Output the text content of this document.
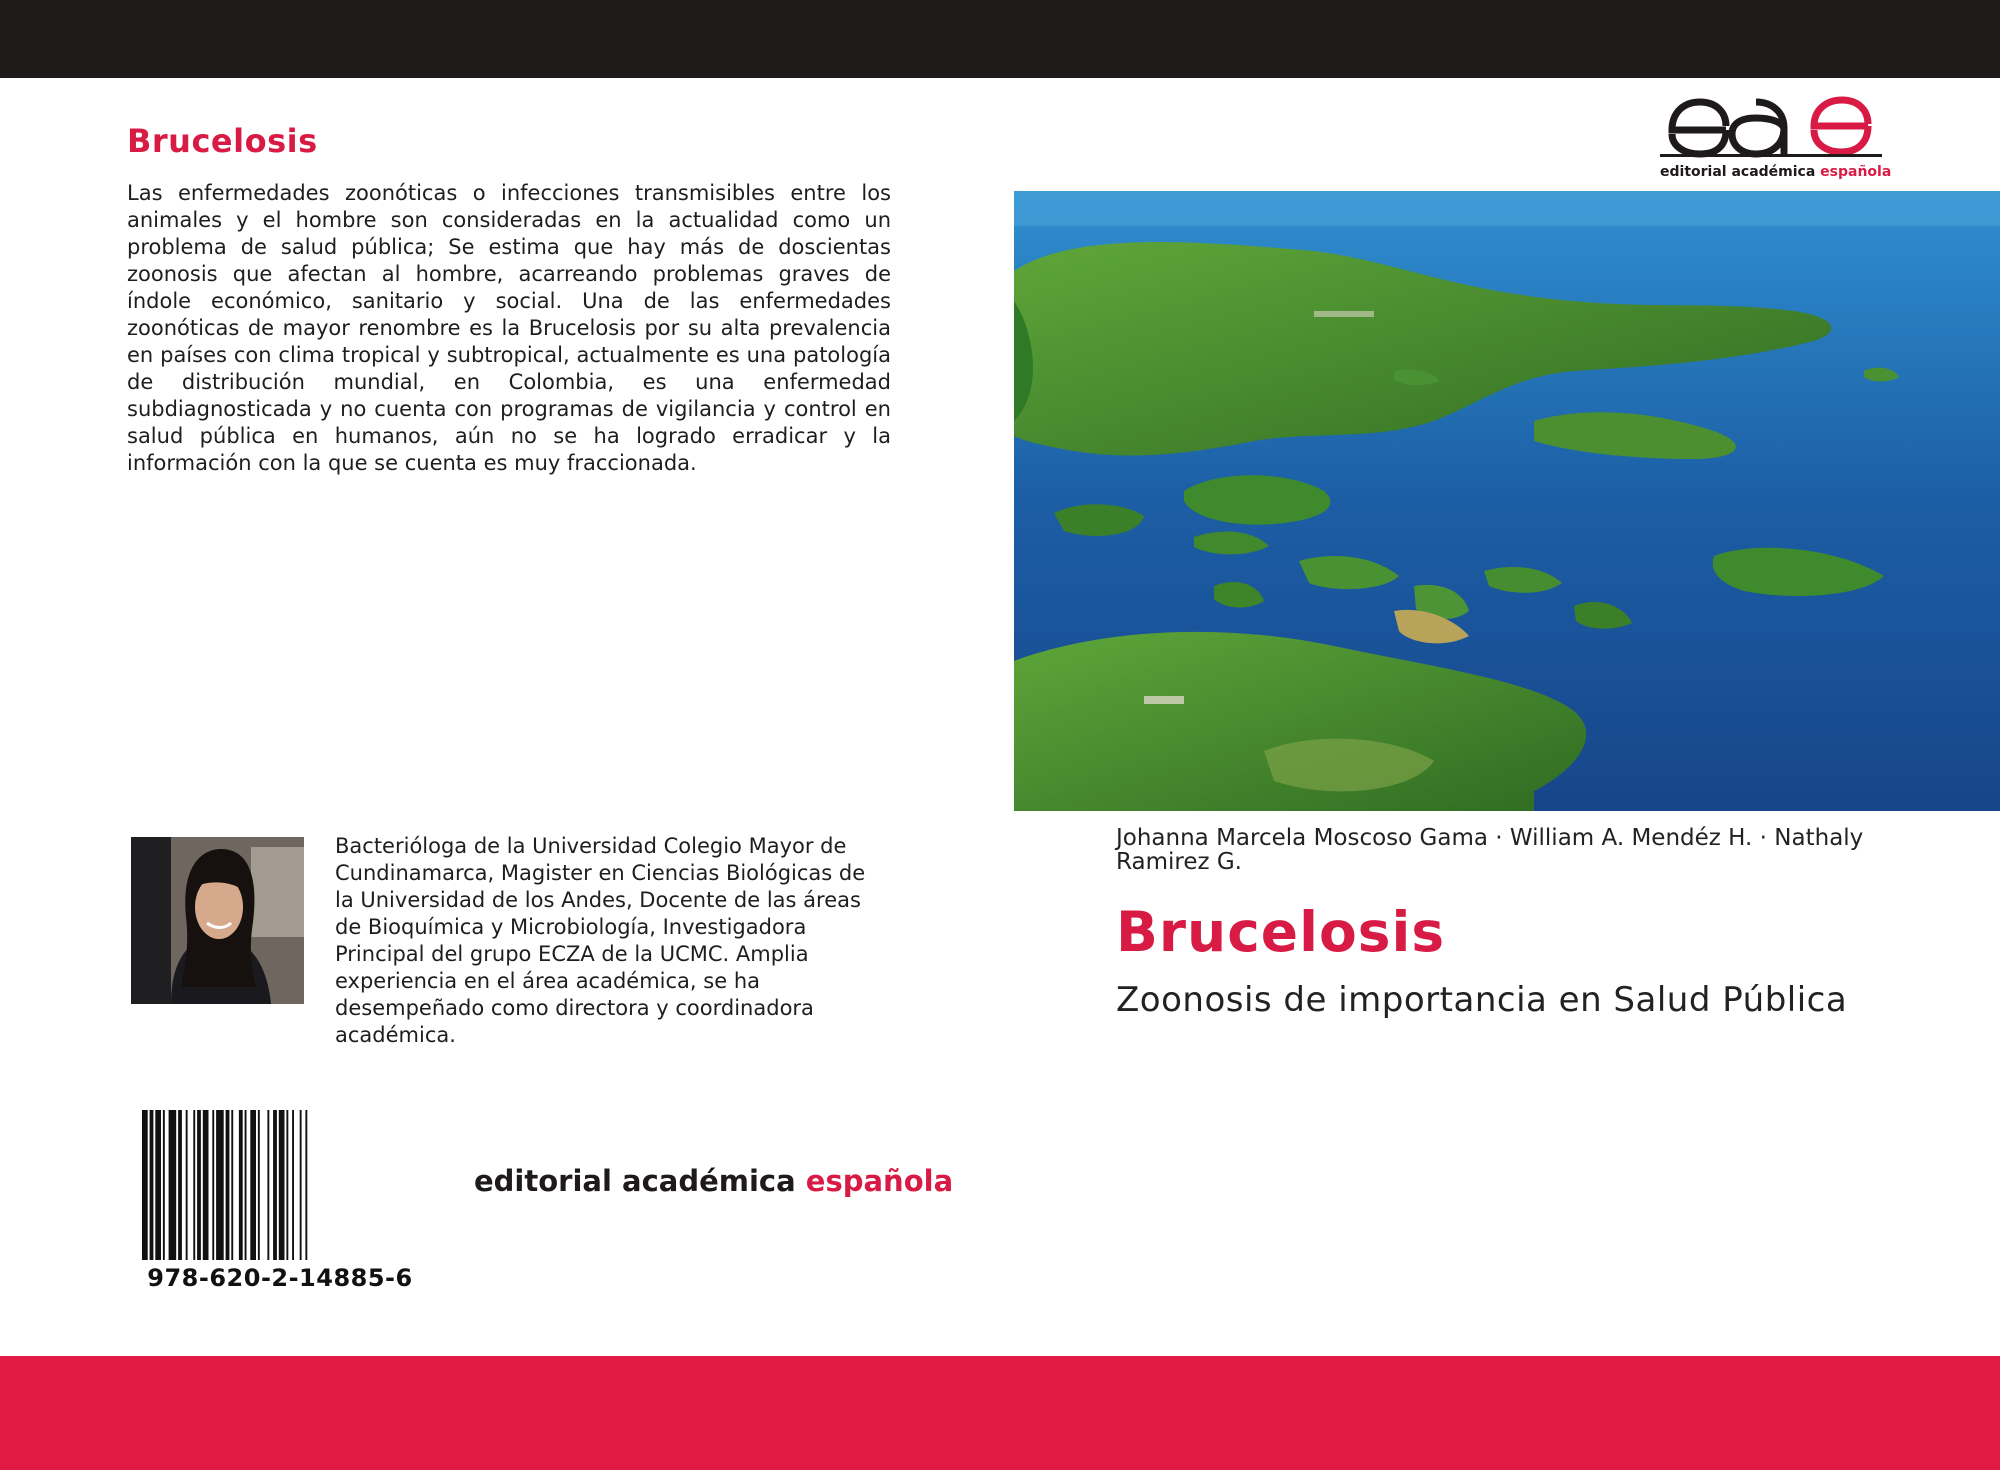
Brucelosis

Las enfermedades zoonóticas o infecciones transmisibles entre los animales y el hombre son consideradas en la actualidad como un problema de salud pública; Se estima que hay más de doscientas zoonosis que afectan al hombre, acarreando problemas graves de índole económico, sanitario y social. Una de las enfermedades zoonóticas de mayor renombre es la Brucelosis por su alta prevalencia en países con clima tropical y subtropical, actualmente es una patología de distribución mundial, en Colombia, es una enfermedad subdiagnosticada y no cuenta con programas de vigilancia y control en salud pública en humanos, aún no se ha logrado erradicar y la información con la que se cuenta es muy fraccionada.

editorial académica española

Bacterióloga de la Universidad Colegio Mayor de Cundinamarca, Magister en Ciencias Biológicas de la Universidad de los Andes, Docente de las áreas de Bioquímica y Microbiología, Investigadora Principal del grupo ECZA de la UCMC. Amplia experiencia en el área académica, se ha desempeñado como directora y coordinadora académica.

Johanna Marcela Moscoso Gama · William A. Mendéz H. · Nathaly Ramirez G.

Brucelosis

Zoonosis de importancia en Salud Pública

978-620-2-14885-6

editorial académica española
